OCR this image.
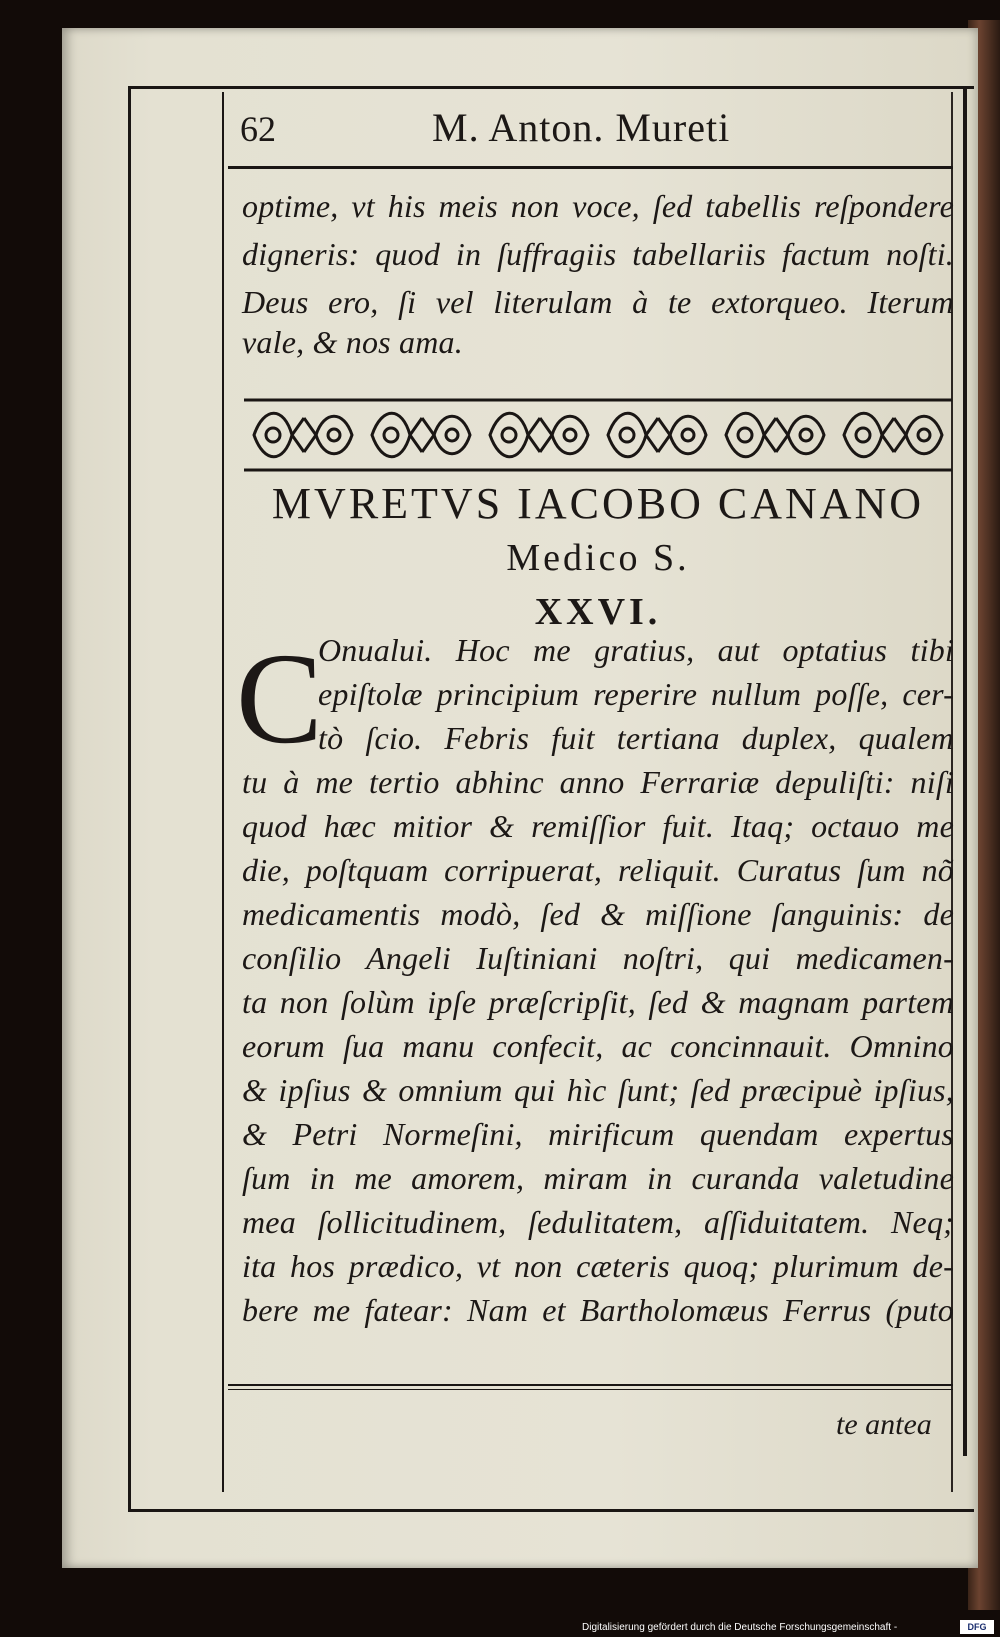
62	M. Anton. Mureti
optime, vt his meis non voce, ſed tabellis reſpondere
digneris: quod in ſuffragiis tabellariis factum noſti.
Deus ero, ſi vel literulam à te extorqueo. Iterum
vale, & nos ama.
MVRETVS IACOBO CANANO
Medico S.
XXVI.
C
Onualui. Hoc me gratius, aut optatius tibi
epiſtolæ principium reperire nullum poſſe, cer-
tò ſcio. Febris fuit tertiana duplex, qualem
tu à me tertio abhinc anno Ferrariæ depuliſti: niſi
quod hæc mitior & remiſſior fuit. Itaq; octauo me
die, poſtquam corripuerat, reliquit. Curatus ſum nõ
medicamentis modò, ſed & miſſione ſanguinis: de
conſilio Angeli Iuſtiniani noſtri, qui medicamen-
ta non ſolùm ipſe præſcripſit, ſed & magnam partem
eorum ſua manu confecit, ac concinnauit. Omnino
& ipſius & omnium qui hìc ſunt; ſed præcipuè ipſius,
& Petri Normeſini, mirificum quendam expertus
ſum in me amorem, miram in curanda valetudine
mea ſollicitudinem, ſedulitatem, aſſiduitatem. Neq;
ita hos prædico, vt non cæteris quoq; plurimum de-
bere me fatear: Nam et Bartholomæus Ferrus (puto
te antea
Digitalisierung gefördert durch die Deutsche Forschungsgemeinschaft -	DFG
